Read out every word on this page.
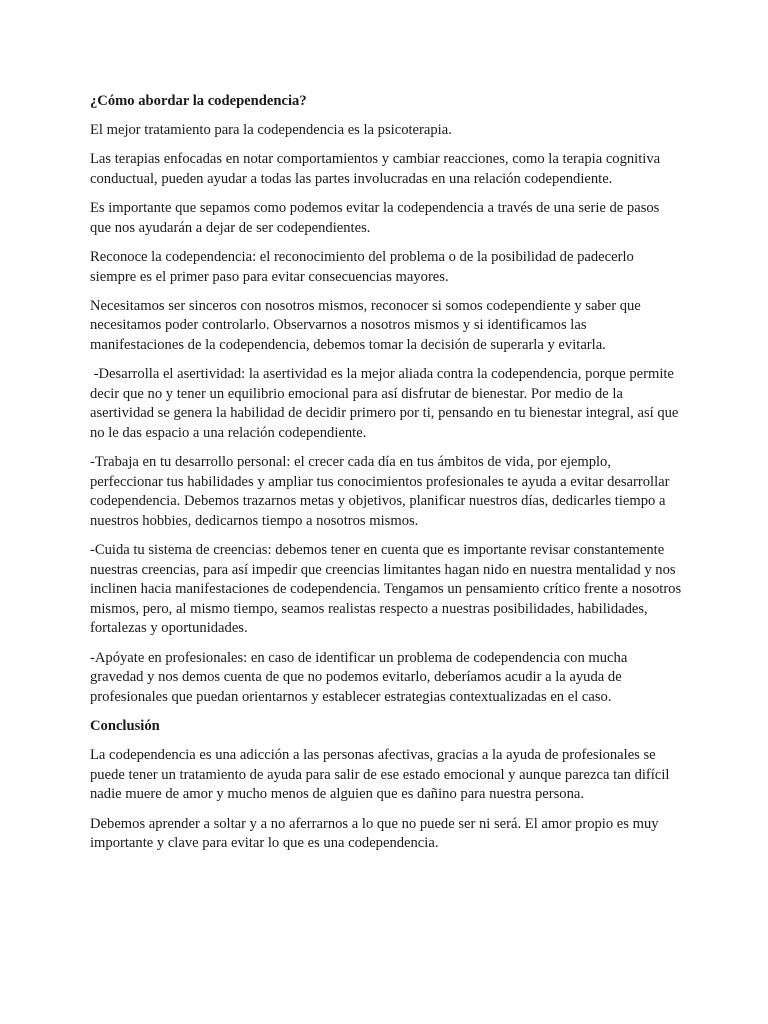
¿Cómo abordar la codependencia?

El mejor tratamiento para la codependencia es la psicoterapia.

Las terapias enfocadas en notar comportamientos y cambiar reacciones, como la terapia cognitiva conductual, pueden ayudar a todas las partes involucradas en una relación codependiente.

Es importante que sepamos como podemos evitar la codependencia a través de una serie de pasos que nos ayudarán a dejar de ser codependientes.

Reconoce la codependencia: el reconocimiento del problema o de la posibilidad de padecerlo siempre es el primer paso para evitar consecuencias mayores.

Necesitamos ser sinceros con nosotros mismos, reconocer si somos codependiente y saber que necesitamos poder controlarlo. Observarnos a nosotros mismos y si identificamos las manifestaciones de la codependencia, debemos tomar la decisión de superarla y evitarla.

-Desarrolla el asertividad: la asertividad es la mejor aliada contra la codependencia, porque permite decir que no y tener un equilibrio emocional para así disfrutar de bienestar. Por medio de la asertividad se genera la habilidad de decidir primero por ti, pensando en tu bienestar integral, así que no le das espacio a una relación codependiente.

-Trabaja en tu desarrollo personal: el crecer cada día en tus ámbitos de vida, por ejemplo, perfeccionar tus habilidades y ampliar tus conocimientos profesionales te ayuda a evitar desarrollar codependencia. Debemos trazarnos metas y objetivos, planificar nuestros días, dedicarles tiempo a nuestros hobbies, dedicarnos tiempo a nosotros mismos.

-Cuida tu sistema de creencias: debemos tener en cuenta que es importante revisar constantemente nuestras creencias, para así impedir que creencias limitantes hagan nido en nuestra mentalidad y nos inclinen hacia manifestaciones de codependencia. Tengamos un pensamiento crítico frente a nosotros mismos, pero, al mismo tiempo, seamos realistas respecto a nuestras posibilidades, habilidades, fortalezas y oportunidades.

-Apóyate en profesionales: en caso de identificar un problema de codependencia con mucha gravedad y nos demos cuenta de que no podemos evitarlo, deberíamos acudir a la ayuda de profesionales que puedan orientarnos y establecer estrategias contextualizadas en el caso.

Conclusión

La codependencia es una adicción a las personas afectivas, gracias a la ayuda de profesionales se puede tener un tratamiento de ayuda para salir de ese estado emocional y aunque parezca tan difícil nadie muere de amor y mucho menos de alguien que es dañino para nuestra persona.

Debemos aprender a soltar y a no aferrarnos a lo que no puede ser ni será. El amor propio es muy importante y clave para evitar lo que es una codependencia.
